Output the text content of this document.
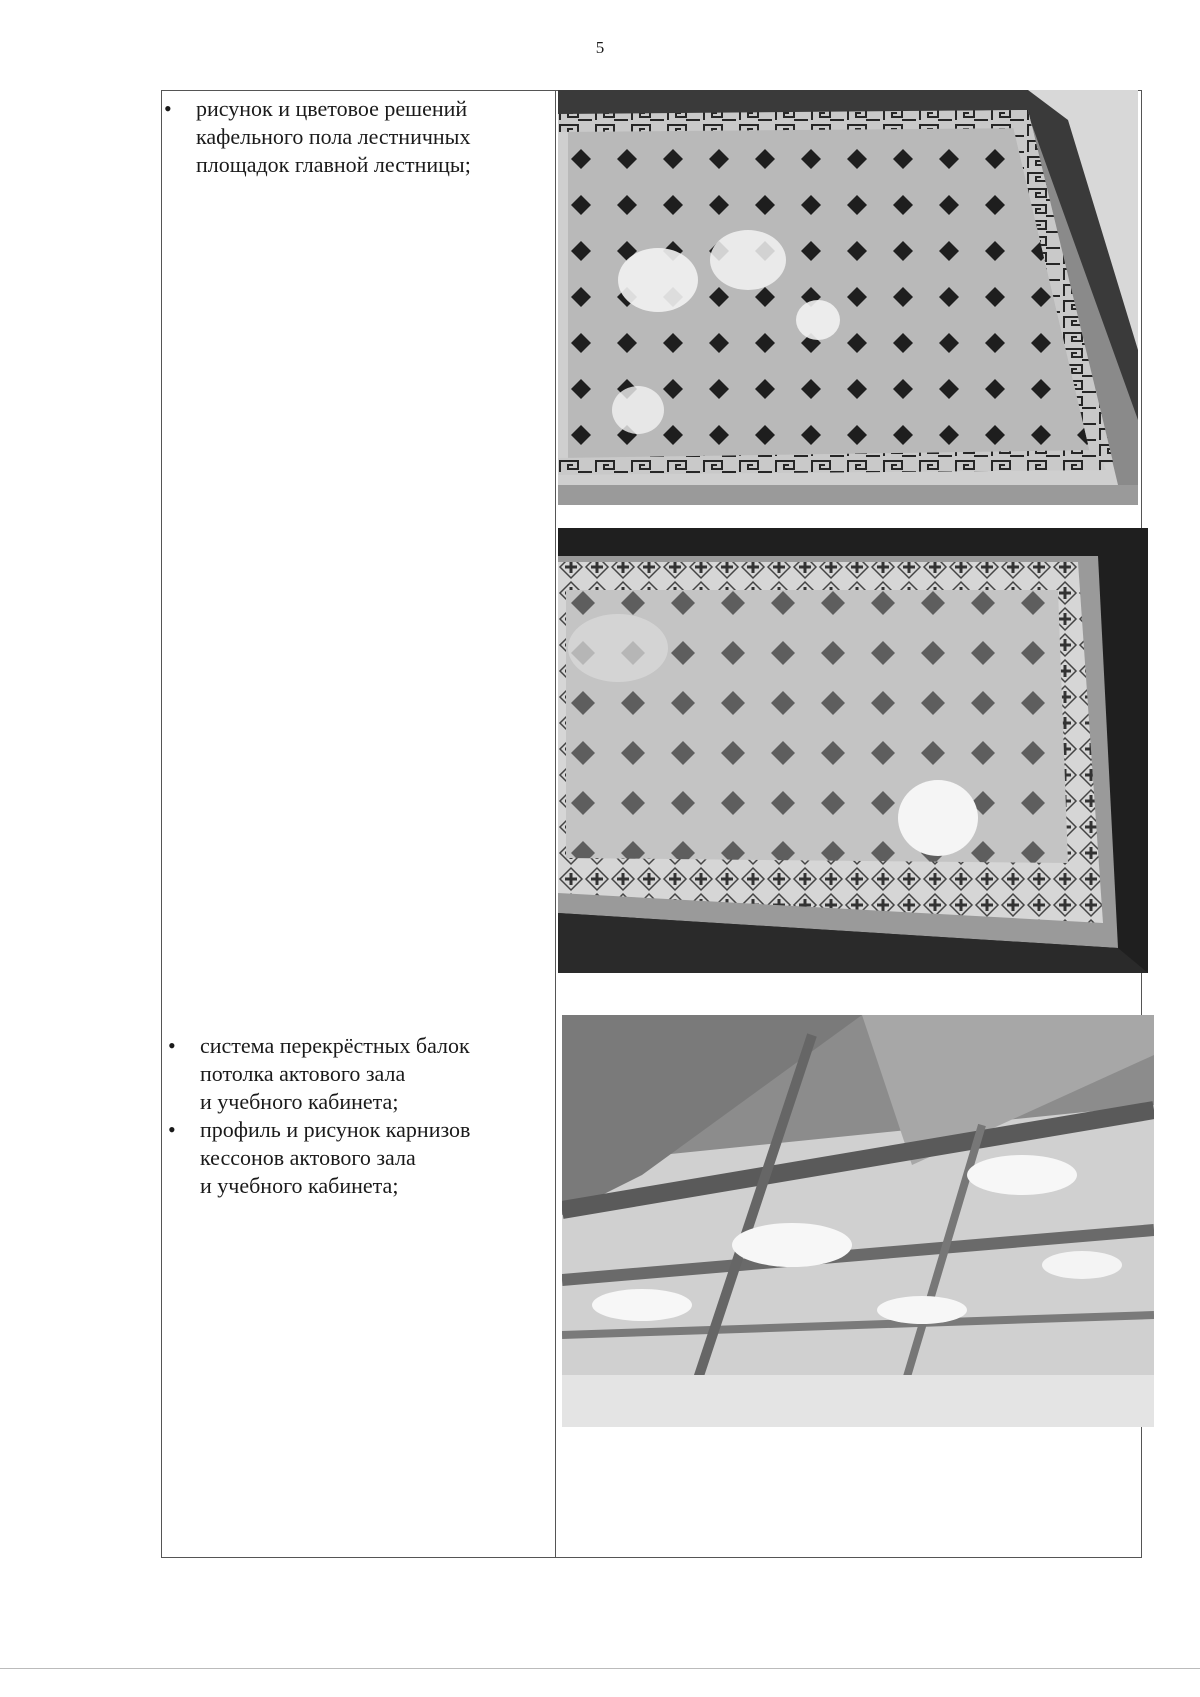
5
• рисунок и цветовое решений
кафельного пола лестничных
площадок главной лестницы;
• система перекрёстных балок
потолка актового зала
и учебного кабинета;
• профиль и рисунок карнизов
кессонов актового зала
и учебного кабинета;
